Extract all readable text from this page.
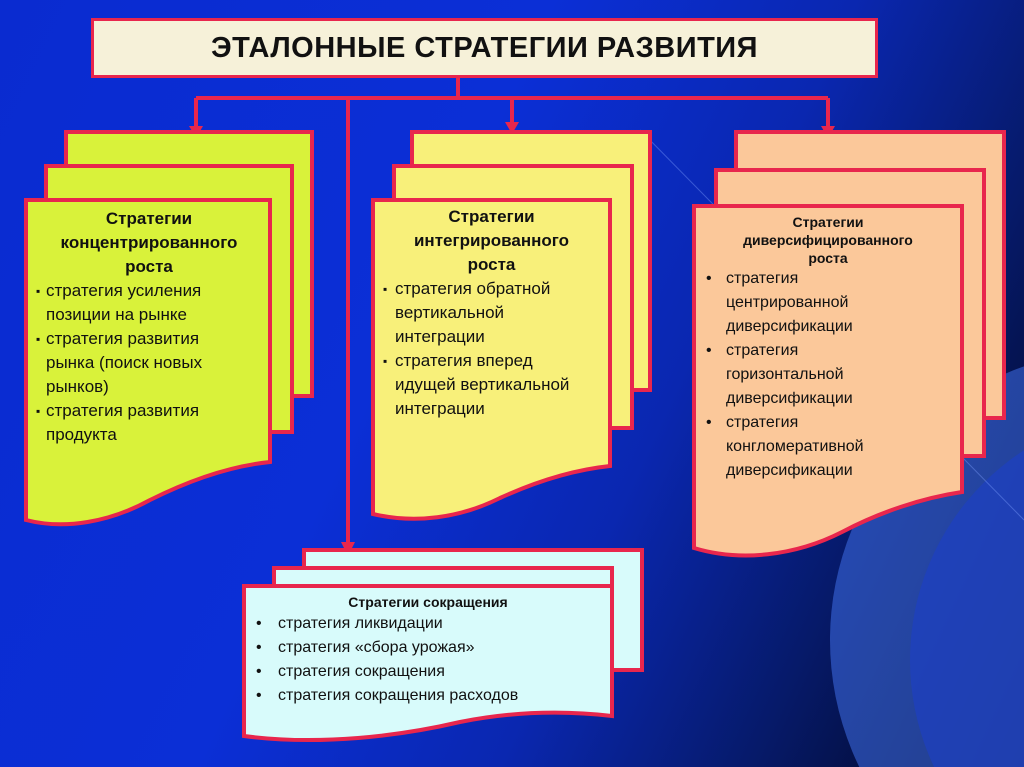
ЭТАЛОННЫЕ СТРАТЕГИИ РАЗВИТИЯ
Стратегии
концентрированного
роста
▪ стратегия усиления
позиции на рынке
▪ стратегия развития
рынка (поиск новых
рынков)
▪ стратегия развития
продукта
Стратегии
интегрированного
роста
▪ стратегия обратной
вертикальной
интеграции
▪ стратегия вперед
идущей вертикальной
интеграции
Стратегии
диверсифицированного
роста
• стратегия
центрированной
диверсификации
• стратегия
горизонтальной
диверсификации
• стратегия
конгломеративной
диверсификации
Стратегии сокращения
• стратегия ликвидации
• стратегия «сбора урожая»
• стратегия сокращения
• стратегия сокращения расходов
